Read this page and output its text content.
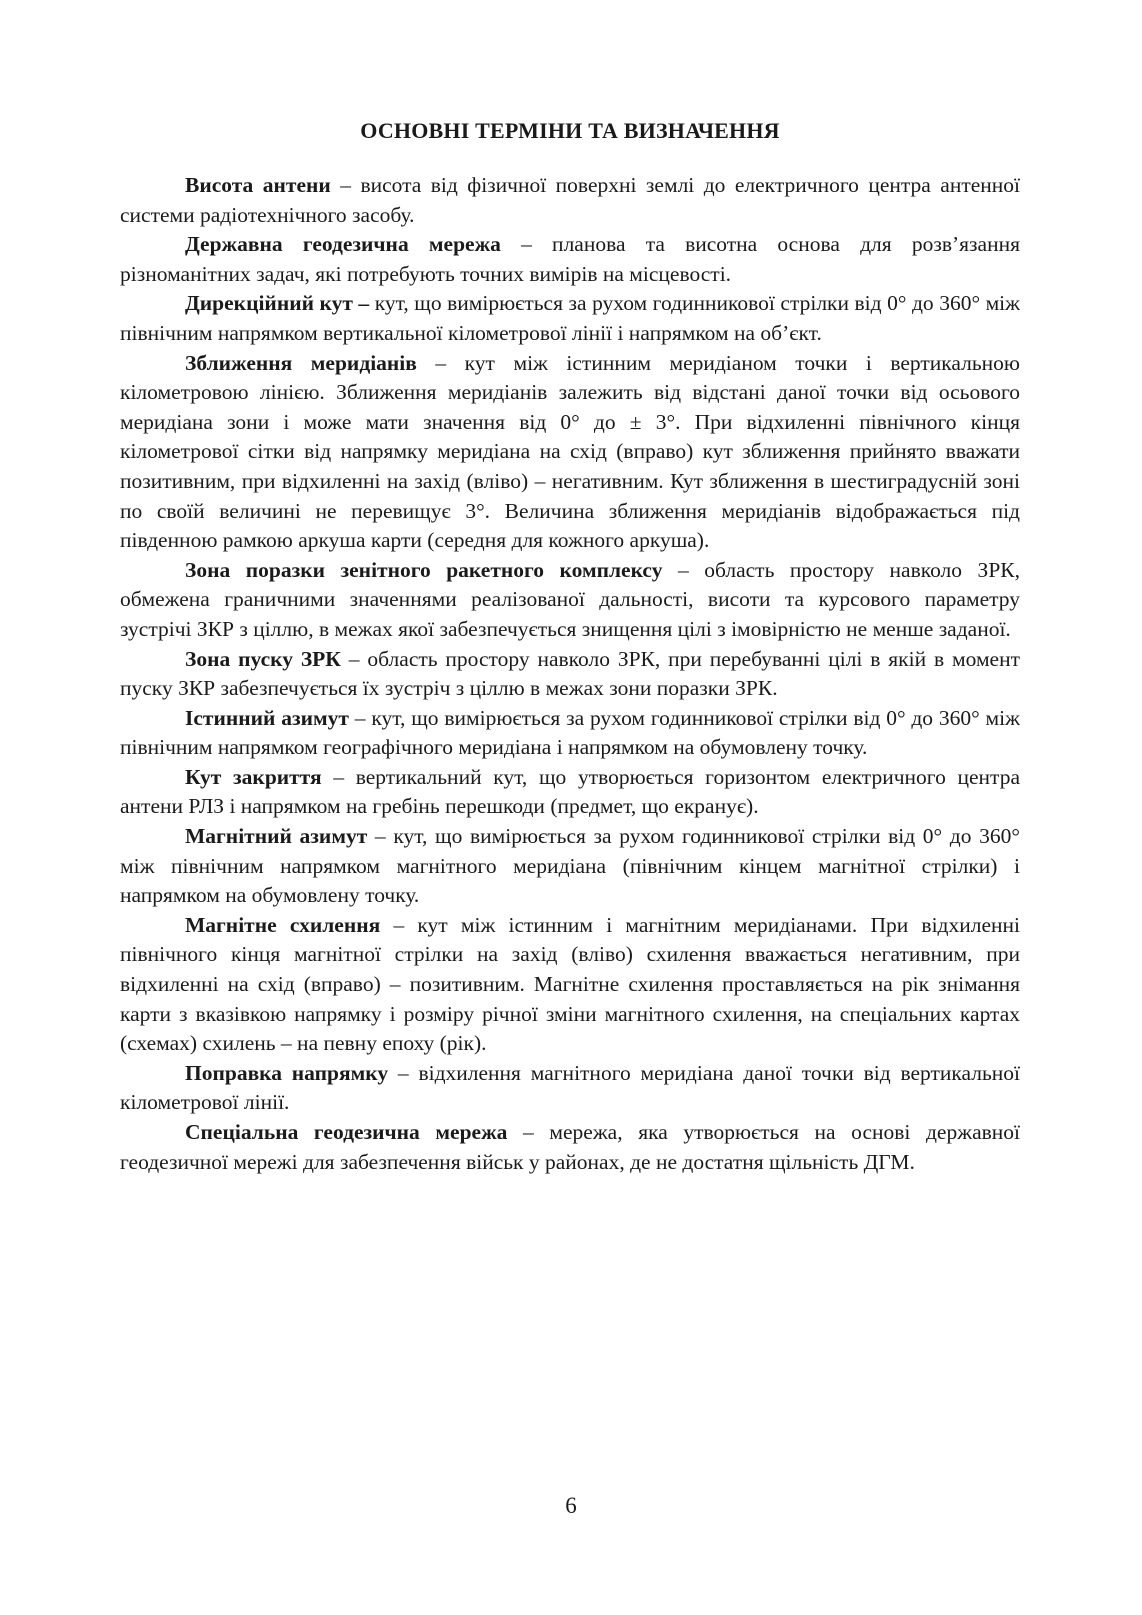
ОСНОВНІ ТЕРМІНИ ТА ВИЗНАЧЕННЯ

Висота антени – висота від фізичної поверхні землі до електричного центра антенної системи радіотехнічного засобу.

Державна геодезична мережа – планова та висотна основа для розв’язання різноманітних задач, які потребують точних вимірів на місцевості.

Дирекційний кут – кут, що вимірюється за рухом годинникової стрілки від 0° до 360° між північним напрямком вертикальної кілометрової лінії і напрямком на об’єкт.

Зближення меридіанів – кут між істинним меридіаном точки і вертикальною кілометровою лінією. Зближення меридіанів залежить від відстані даної точки від осьового меридіана зони і може мати значення від 0° до ± 3°. При відхиленні північного кінця кілометрової сітки від напрямку меридіана на схід (вправо) кут зближення прийнято вважати позитивним, при відхиленні на захід (вліво) – негативним. Кут зближення в шестиградусній зоні по своїй величині не перевищує 3°. Величина зближення меридіанів відображається під південною рамкою аркуша карти (середня для кожного аркуша).

Зона поразки зенітного ракетного комплексу – область простору навколо ЗРК, обмежена граничними значеннями реалізованої дальності, висоти та курсового параметру зустрічі ЗКР з ціллю, в межах якої забезпечується знищення цілі з імовірністю не менше заданої.

Зона пуску ЗРК – область простору навколо ЗРК, при перебуванні цілі в якій в момент пуску ЗКР забезпечується їх зустріч з ціллю в межах зони поразки ЗРК.

Істинний азимут – кут, що вимірюється за рухом годинникової стрілки від 0° до 360° між північним напрямком географічного меридіана і напрямком на обумовлену точку.

Кут закриття – вертикальний кут, що утворюється горизонтом електричного центра антени РЛЗ і напрямком на гребінь перешкоди (предмет, що екранує).

Магнітний азимут – кут, що вимірюється за рухом годинникової стрілки від 0° до 360° між північним напрямком магнітного меридіана (північним кінцем магнітної стрілки) і напрямком на обумовлену точку.

Магнітне схилення – кут між істинним і магнітним меридіанами. При відхиленні північного кінця магнітної стрілки на захід (вліво) схилення вважається негативним, при відхиленні на схід (вправо) – позитивним. Магнітне схилення проставляється на рік знімання карти з вказівкою напрямку і розміру річної зміни магнітного схилення, на спеціальних картах (схемах) схилень – на певну епоху (рік).

Поправка напрямку – відхилення магнітного меридіана даної точки від вертикальної кілометрової лінії.

Спеціальна геодезична мережа – мережа, яка утворюється на основі державної геодезичної мережі для забезпечення військ у районах, де не достатня щільність ДГМ.

6
